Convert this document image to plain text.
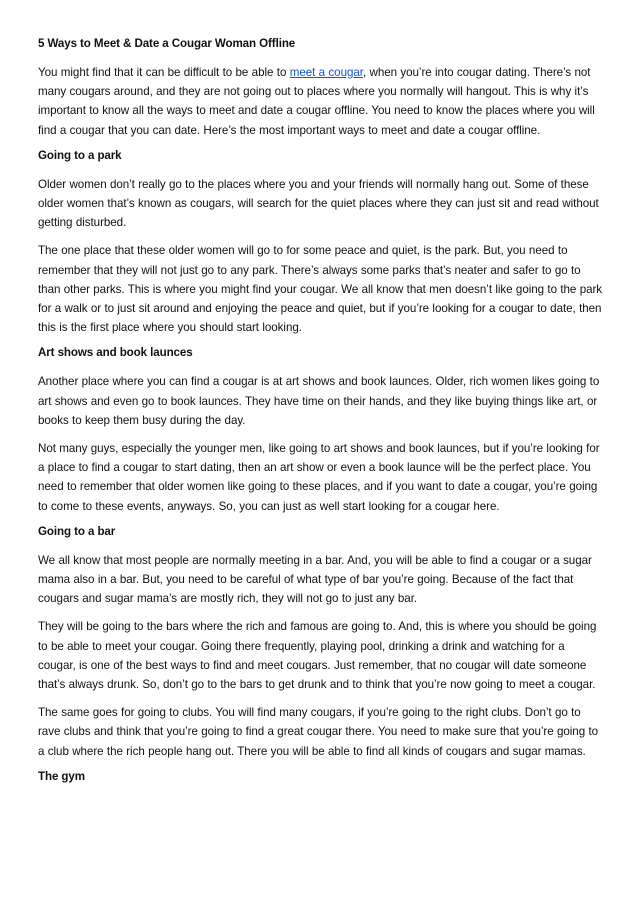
5 Ways to Meet & Date a Cougar Woman Offline

You might find that it can be difficult to be able to meet a cougar, when you’re into cougar dating. There’s not many cougars around, and they are not going out to places where you normally will hangout. This is why it’s important to know all the ways to meet and date a cougar offline. You need to know the places where you will find a cougar that you can date. Here’s the most important ways to meet and date a cougar offline.

Going to a park

Older women don’t really go to the places where you and your friends will normally hang out. Some of these older women that’s known as cougars, will search for the quiet places where they can just sit and read without getting disturbed.

The one place that these older women will go to for some peace and quiet, is the park. But, you need to remember that they will not just go to any park. There’s always some parks that’s neater and safer to go to than other parks. This is where you might find your cougar. We all know that men doesn’t like going to the park for a walk or to just sit around and enjoying the peace and quiet, but if you’re looking for a cougar to date, then this is the first place where you should start looking.

Art shows and book launces

Another place where you can find a cougar is at art shows and book launces. Older, rich women likes going to art shows and even go to book launces. They have time on their hands, and they like buying things like art, or books to keep them busy during the day.

Not many guys, especially the younger men, like going to art shows and book launces, but if you’re looking for a place to find a cougar to start dating, then an art show or even a book launce will be the perfect place. You need to remember that older women like going to these places, and if you want to date a cougar, you’re going to come to these events, anyways. So, you can just as well start looking for a cougar here.

Going to a bar

We all know that most people are normally meeting in a bar. And, you will be able to find a cougar or a sugar mama also in a bar. But, you need to be careful of what type of bar you’re going. Because of the fact that cougars and sugar mama’s are mostly rich, they will not go to just any bar.

They will be going to the bars where the rich and famous are going to. And, this is where you should be going to be able to meet your cougar. Going there frequently, playing pool, drinking a drink and watching for a cougar, is one of the best ways to find and meet cougars. Just remember, that no cougar will date someone that’s always drunk. So, don’t go to the bars to get drunk and to think that you’re now going to meet a cougar.

The same goes for going to clubs. You will find many cougars, if you’re going to the right clubs. Don’t go to rave clubs and think that you’re going to find a great cougar there. You need to make sure that you’re going to a club where the rich people hang out. There you will be able to find all kinds of cougars and sugar mamas.

The gym
